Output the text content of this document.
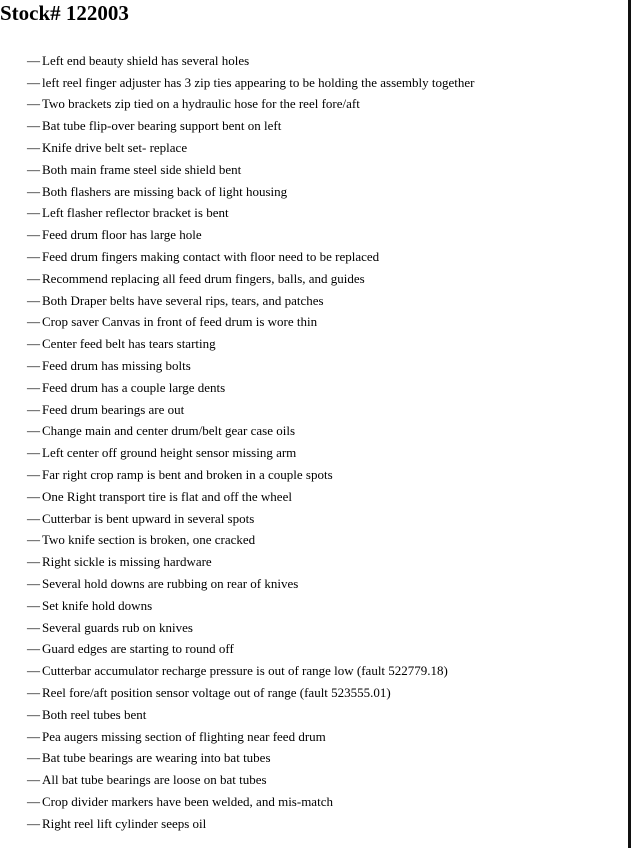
Stock# 122003
— Left end beauty shield has several holes
— left reel finger adjuster has 3 zip ties appearing to be holding the assembly together
— Two brackets zip tied on a hydraulic hose for the reel fore/aft
— Bat tube flip-over bearing support bent on left
— Knife drive belt set- replace
— Both main frame steel side shield bent
— Both flashers are missing back of light housing
— Left flasher reflector bracket is bent
— Feed drum floor has large hole
— Feed drum fingers making contact with floor need to be replaced
— Recommend replacing all feed drum fingers, balls, and guides
— Both Draper belts have several rips, tears, and patches
— Crop saver Canvas in front of feed drum is wore thin
— Center feed belt has tears starting
— Feed drum has missing bolts
— Feed drum has a couple large dents
— Feed drum bearings are out
— Change main and center drum/belt gear case oils
— Left center off ground height sensor missing arm
— Far right crop ramp is bent and broken in a couple spots
— One Right transport tire is flat and off the wheel
— Cutterbar is bent upward in several spots
— Two knife section is broken, one cracked
— Right sickle is missing hardware
— Several hold downs are rubbing on rear of knives
— Set knife hold downs
— Several guards rub on knives
— Guard edges are starting to round off
— Cutterbar accumulator recharge pressure is out of range low (fault 522779.18)
— Reel fore/aft position sensor voltage out of range (fault 523555.01)
— Both reel tubes bent
— Pea augers missing section of flighting near feed drum
— Bat tube bearings are wearing into bat tubes
— All bat tube bearings are loose on bat tubes
— Crop divider markers have been welded, and mis-match
— Right reel lift cylinder seeps oil
